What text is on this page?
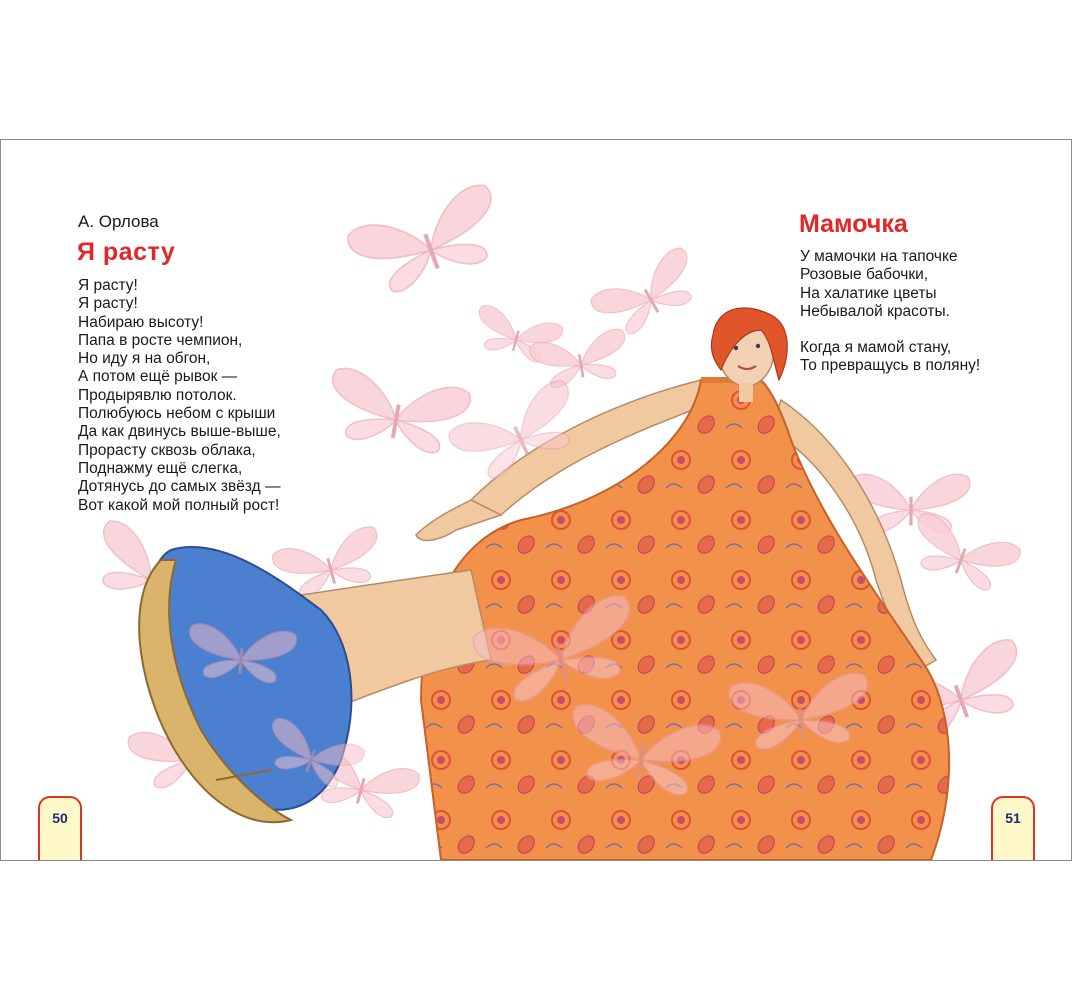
А. Орлова
Я расту
Я расту!
Я расту!
Набираю высоту!
Папа в росте чемпион,
Но иду я на обгон,
А потом ещё рывок —
Продырявлю потолок.
Полюбуюсь небом с крыши
Да как двинусь выше-выше,
Прорасту сквозь облака,
Поднажму ещё слегка,
Дотянусь до самых звёзд —
Вот какой мой полный рост!
Мамочка
У мамочки на тапочке
Розовые бабочки,
На халатике цветы
Небывалой красоты.
Когда я мамой стану,
То превращусь в поляну!
50	51
